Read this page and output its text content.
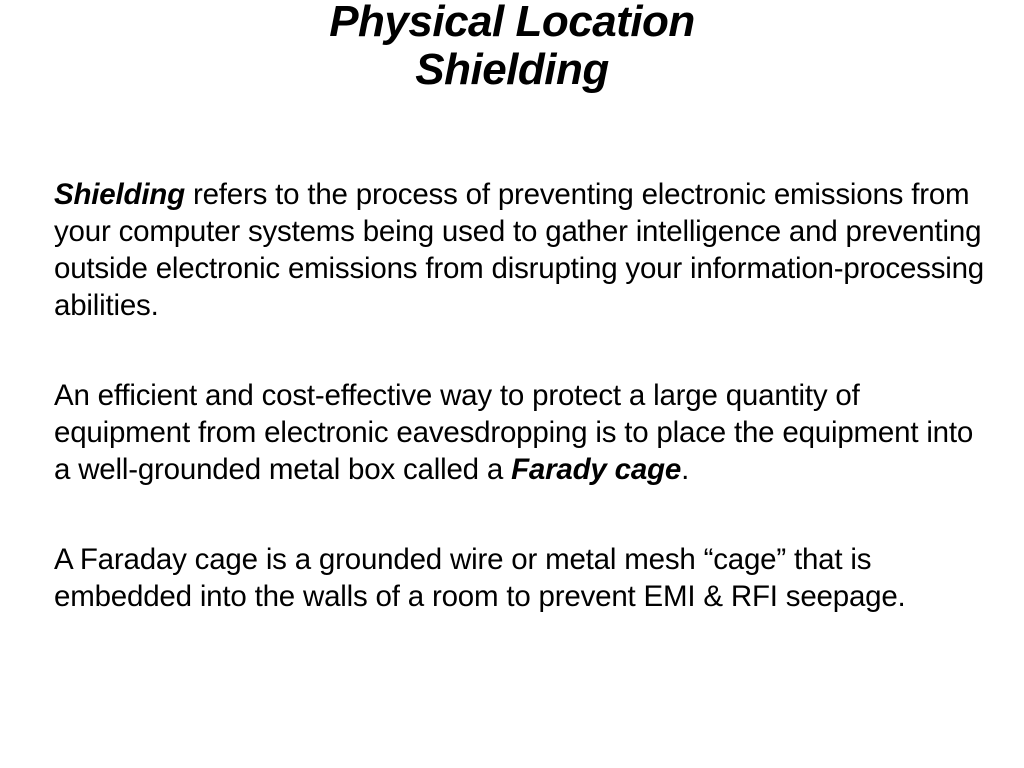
Physical Location
Shielding

Shielding refers to the process of preventing electronic emissions from your computer systems being used to gather intelligence and preventing outside electronic emissions from disrupting your information-processing abilities.

An efficient and cost-effective way to protect a large quantity of equipment from electronic eavesdropping is to place the equipment into a well-grounded metal box called a Farady cage.

A Faraday cage is a grounded wire or metal mesh “cage” that is embedded into the walls of a room to prevent EMI & RFI seepage.
